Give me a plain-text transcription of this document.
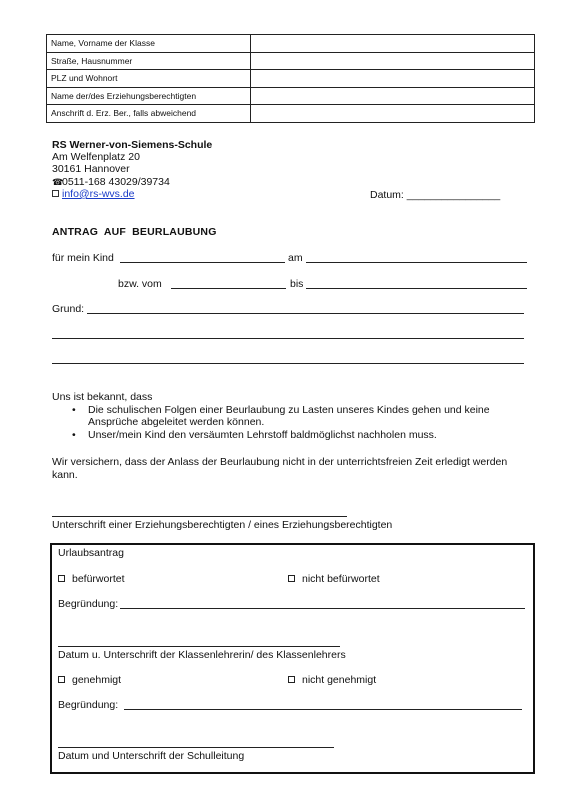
Name, Vorname der Klasse	
Straße, Hausnummer	
PLZ und Wohnort	
Name der/des Erziehungsberechtigten	
Anschrift d. Erz. Ber., falls abweichend	
RS Werner-von-Siemens-Schule
Am Welfenplatz 20
30161 Hannover
☎0511-168 43029/39734
info@rs-wvs.de	Datum: ________________
ANTRAG AUF BEURLAUBUNG
für mein Kind	am
bzw. vom	bis
Grund:
Uns ist bekannt, dass
• Die schulischen Folgen einer Beurlaubung zu Lasten unseres Kindes gehen und keine Ansprüche abgeleitet werden können.
• Unser/mein Kind den versäumten Lehrstoff baldmöglichst nachholen muss.
Wir versichern, dass der Anlass der Beurlaubung nicht in der unterrichtsfreien Zeit erledigt werden kann.
Unterschrift einer Erziehungsberechtigten / eines Erziehungsberechtigten
Urlaubsantrag
befürwortet	nicht befürwortet
Begründung:
Datum u. Unterschrift der Klassenlehrerin/ des Klassenlehrers
genehmigt	nicht genehmigt
Begründung:
Datum und Unterschrift der Schulleitung
